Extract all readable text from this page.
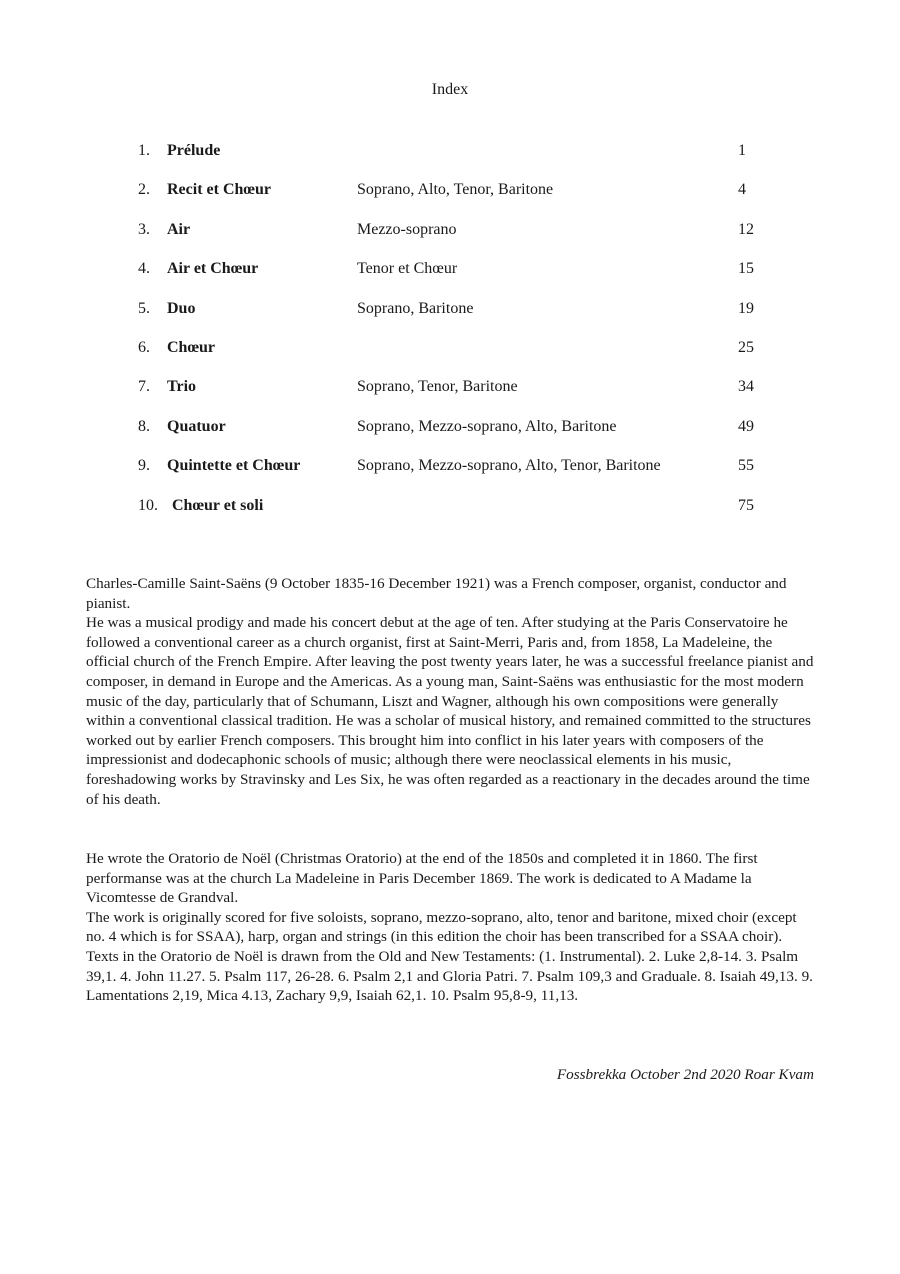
Index
1. Prélude	1
2. Recit et Chœur	Soprano, Alto, Tenor, Baritone	4
3. Air	Mezzo-soprano	12
4. Air et Chœur	Tenor et Chœur	15
5. Duo	Soprano, Baritone	19
6. Chœur	25
7. Trio	Soprano, Tenor, Baritone	34
8. Quatuor	Soprano, Mezzo-soprano, Alto, Baritone	49
9. Quintette et Chœur	Soprano, Mezzo-soprano, Alto, Tenor, Baritone	55
10. Chœur et soli	75

Charles-Camille Saint-Saëns (9 October 1835-16 December 1921) was a French composer, organist, conductor and pianist.

He was a musical prodigy and made his concert debut at the age of ten. After studying at the Paris Conservatoire he followed a conventional career as a church organist, first at Saint-Merri, Paris and, from 1858, La Madeleine, the official church of the French Empire. After leaving the post twenty years later, he was a successful freelance pianist and composer, in demand in Europe and the Americas. As a young man, Saint-Saëns was enthusiastic for the most modern music of the day, particularly that of Schumann, Liszt and Wagner, although his own compositions were generally within a conventional classical tradition. He was a scholar of musical history, and remained committed to the structures worked out by earlier French composers. This brought him into conflict in his later years with composers of the impressionist and dodecaphonic schools of music; although there were neoclassical elements in his music, foreshadowing works by Stravinsky and Les Six, he was often regarded as a reactionary in the decades around the time of his death.

He wrote the Oratorio de Noël (Christmas Oratorio) at the end of the 1850s and completed it in 1860. The first performanse was at the church La Madeleine in Paris December 1869. The work is dedicated to A Madame la Vicomtesse de Grandval.

The work is originally scored for five soloists, soprano, mezzo-soprano, alto, tenor and baritone, mixed choir (except no. 4 which is for SSAA), harp, organ and strings (in this edition the choir has been transcribed for a SSAA choir).

Texts in the Oratorio de Noël is drawn from the Old and New Testaments: (1. Instrumental). 2. Luke 2,8-14. 3. Psalm 39,1. 4. John 11.27. 5. Psalm 117, 26-28. 6. Psalm 2,1 and Gloria Patri. 7. Psalm 109,3 and Graduale. 8. Isaiah 49,13. 9. Lamentations 2,19, Mica 4.13, Zachary 9,9, Isaiah 62,1. 10. Psalm 95,8-9, 11,13.

Fossbrekka October 2nd 2020 Roar Kvam
